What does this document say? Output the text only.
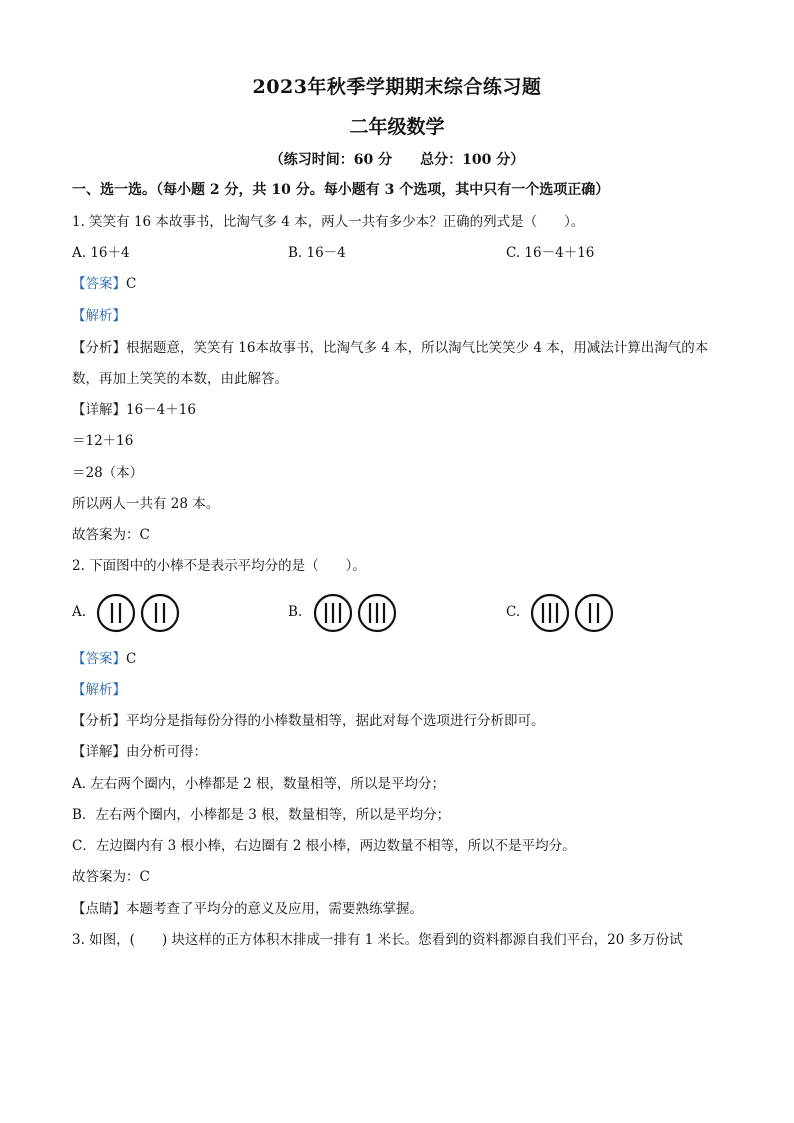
2023年秋季学期期末综合练习题
二年级数学
（练习时间：60 分　　总分：100 分）
一、选一选。（每小题 2 分，共 10 分。每小题有 3 个选项，其中只有一个选项正确）
1. 笑笑有 16 本故事书，比淘气多 4 本，两人一共有多少本？正确的列式是（　　）。
A. 16＋4	B. 16－4	C. 16－4＋16
【答案】C
【解析】
【分析】根据题意，笑笑有 16本故事书，比淘气多 4 本，所以淘气比笑笑少 4 本，用减法计算出淘气的本
数，再加上笑笑的本数，由此解答。
【详解】16－4＋16
＝12＋16
＝28（本）
所以两人一共有 28 本。
故答案为：C
2. 下面图中的小棒不是表示平均分的是（　　）。
A.	B.	C.
【答案】C
【解析】
【分析】平均分是指每份分得的小棒数量相等，据此对每个选项进行分析即可。
【详解】由分析可得：
A. 左右两个圈内，小棒都是 2 根，数量相等，所以是平均分；
B．左右两个圈内，小棒都是 3 根，数量相等，所以是平均分；
C．左边圈内有 3 根小棒，右边圈有 2 根小棒，两边数量不相等，所以不是平均分。
故答案为：C
【点睛】本题考查了平均分的意义及应用，需要熟练掌握。
3. 如图，(　　) 块这样的正方体积木排成一排有 1 米长。您看到的资料都源自我们平台，20 多万份试
